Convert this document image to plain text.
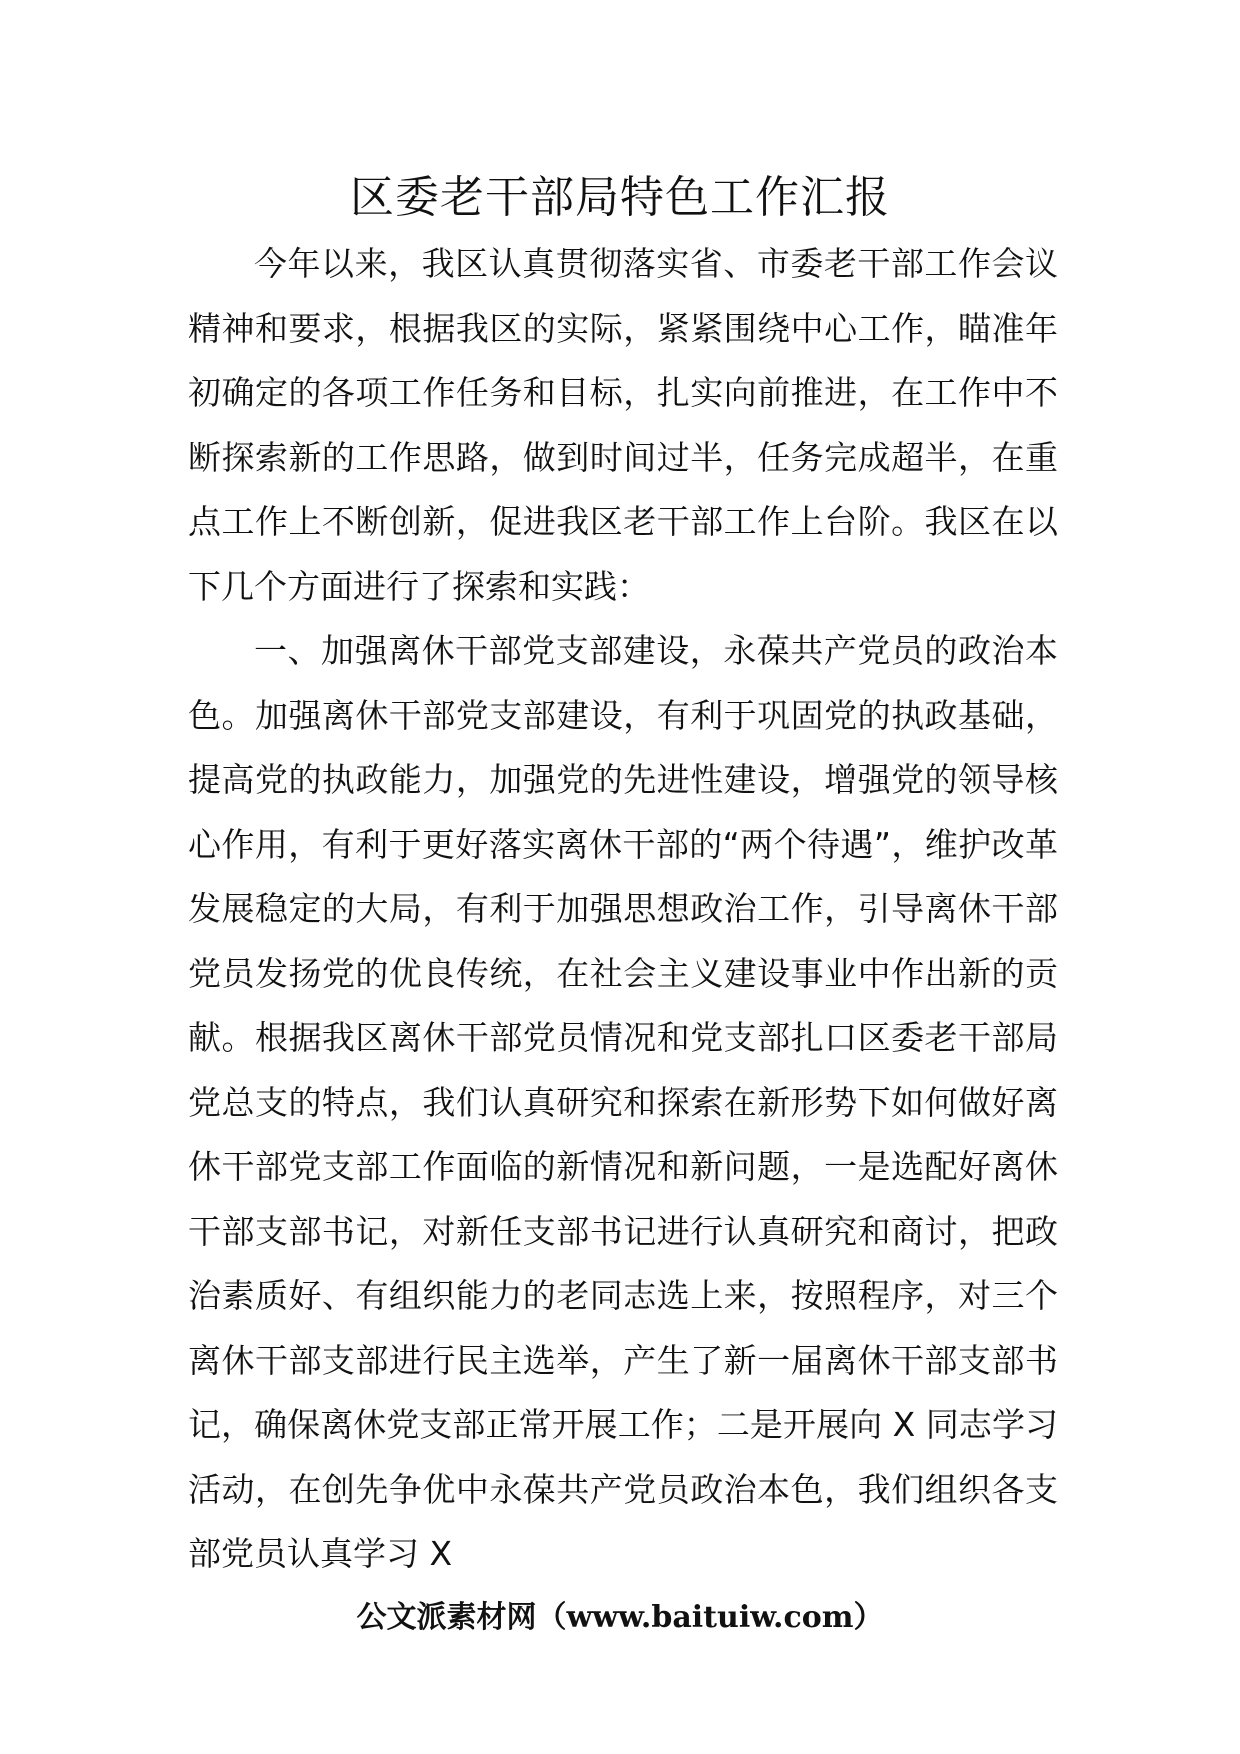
区委老干部局特色工作汇报

今年以来，我区认真贯彻落实省、市委老干部工作会议精神和要求，根据我区的实际，紧紧围绕中心工作，瞄准年初确定的各项工作任务和目标，扎实向前推进，在工作中不断探索新的工作思路，做到时间过半，任务完成超半，在重点工作上不断创新，促进我区老干部工作上台阶。我区在以下几个方面进行了探索和实践：

一、加强离休干部党支部建设，永葆共产党员的政治本色。加强离休干部党支部建设，有利于巩固党的执政基础，提高党的执政能力，加强党的先进性建设，增强党的领导核心作用，有利于更好落实离休干部的“两个待遇”，维护改革发展稳定的大局，有利于加强思想政治工作，引导离休干部党员发扬党的优良传统，在社会主义建设事业中作出新的贡献。根据我区离休干部党员情况和党支部扎口区委老干部局党总支的特点，我们认真研究和探索在新形势下如何做好离休干部党支部工作面临的新情况和新问题，一是选配好离休干部支部书记，对新任支部书记进行认真研究和商讨，把政治素质好、有组织能力的老同志选上来，按照程序，对三个离休干部支部进行民主选举，产生了新一届离休干部支部书记，确保离休党支部正常开展工作；二是开展向 X 同志学习活动，在创先争优中永葆共产党员政治本色，我们组织各支部党员认真学习 X

公文派素材网（www.baituiw.com）
